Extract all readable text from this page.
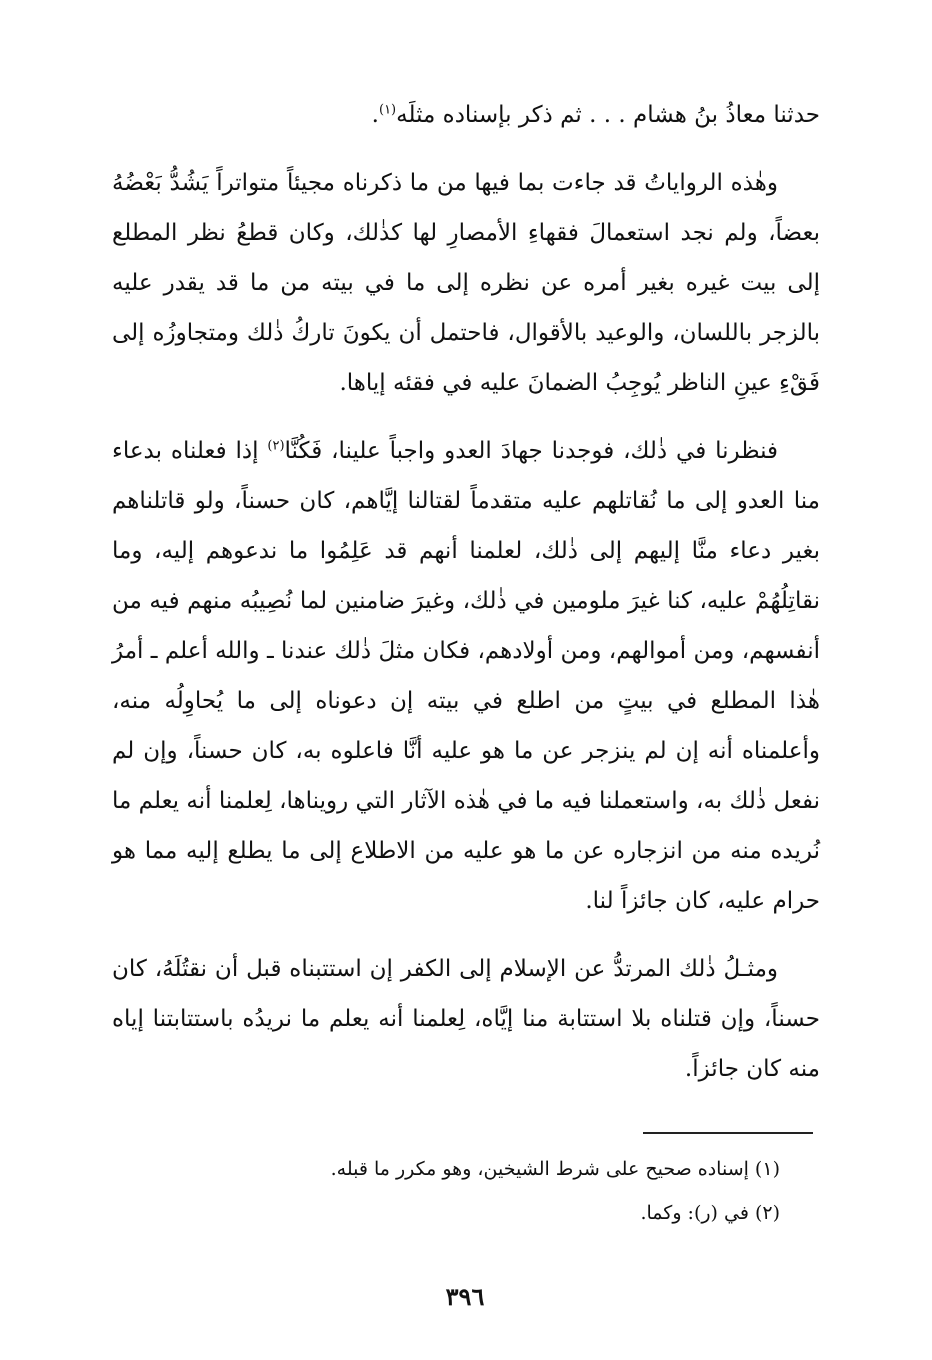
حدثنا معاذُ بنُ هشام . . . ثم ذكر بإسناده مثلَه$^{(١)}$.

وهٰذه الرواياتُ قد جاءت بما فيها من ما ذكرناه مجيئاً متواتراً يَشُدُّ بَعْضُهُ بعضاً، ولم نجد استعمالَ فقهاءِ الأمصارِ لها كذٰلك، وكان قطعُ نظر المطلع إلى بيت غيره بغير أمره عن نظره إلى ما في بيته من ما قد يقدر عليه بالزجر باللسان، والوعيد بالأقوال، فاحتمل أن يكونَ تاركُ ذٰلك ومتجاوزُه إلى فَقْءِ عينِ الناظر يُوجِبُ الضمانَ عليه في فقئه إياها.

فنظرنا في ذٰلك، فوجدنا جهادَ العدو واجباً علينا، فَكُنَّا$^{(٢)}$ إذا فعلناه بدعاء منا العدو إلى ما نُقاتلهم عليه متقدماً لقتالنا إيَّاهم، كان حسناً، ولو قاتلناهم بغير دعاء منَّا إليهم إلى ذٰلك، لعلمنا أنهم قد عَلِمُوا ما ندعوهم إليه، وما نقاتِلُهُمْ عليه، كنا غيرَ ملومين في ذٰلك، وغيرَ ضامنين لما نُصِيبُه منهم فيه من أنفسهم، ومن أموالهم، ومن أولادهم، فكان مثلَ ذٰلك عندنا ـ والله أعلم ـ أمرُ هٰذا المطلع في بيتٍ من اطلع في بيته إن دعوناه إلى ما يُحاوِلُه منه، وأعلمناه أنه إن لم ينزجر عن ما هو عليه أنَّا فاعلوه به، كان حسناً، وإن لم نفعل ذٰلك به، واستعملنا فيه ما في هٰذه الآثار التي رويناها، لِعلمنا أنه يعلم ما نُريده منه من انزجاره عن ما هو عليه من الاطلاع إلى ما يطلع إليه مما هو حرام عليه، كان جائزاً لنا.

ومثـلُ ذٰلك المرتدُّ عن الإسلام إلى الكفر إن استتبناه قبل أن نقتُلَهُ، كان حسناً، وإن قتلناه بلا استتابة منا إيَّاه، لِعلمنا أنه يعلم ما نريدُه باستتابتنا إياه منه كان جائزاً.

(١) إسناده صحيح على شرط الشيخين، وهو مكرر ما قبله.
(٢) في (ر): وكما.
٣٩٦
